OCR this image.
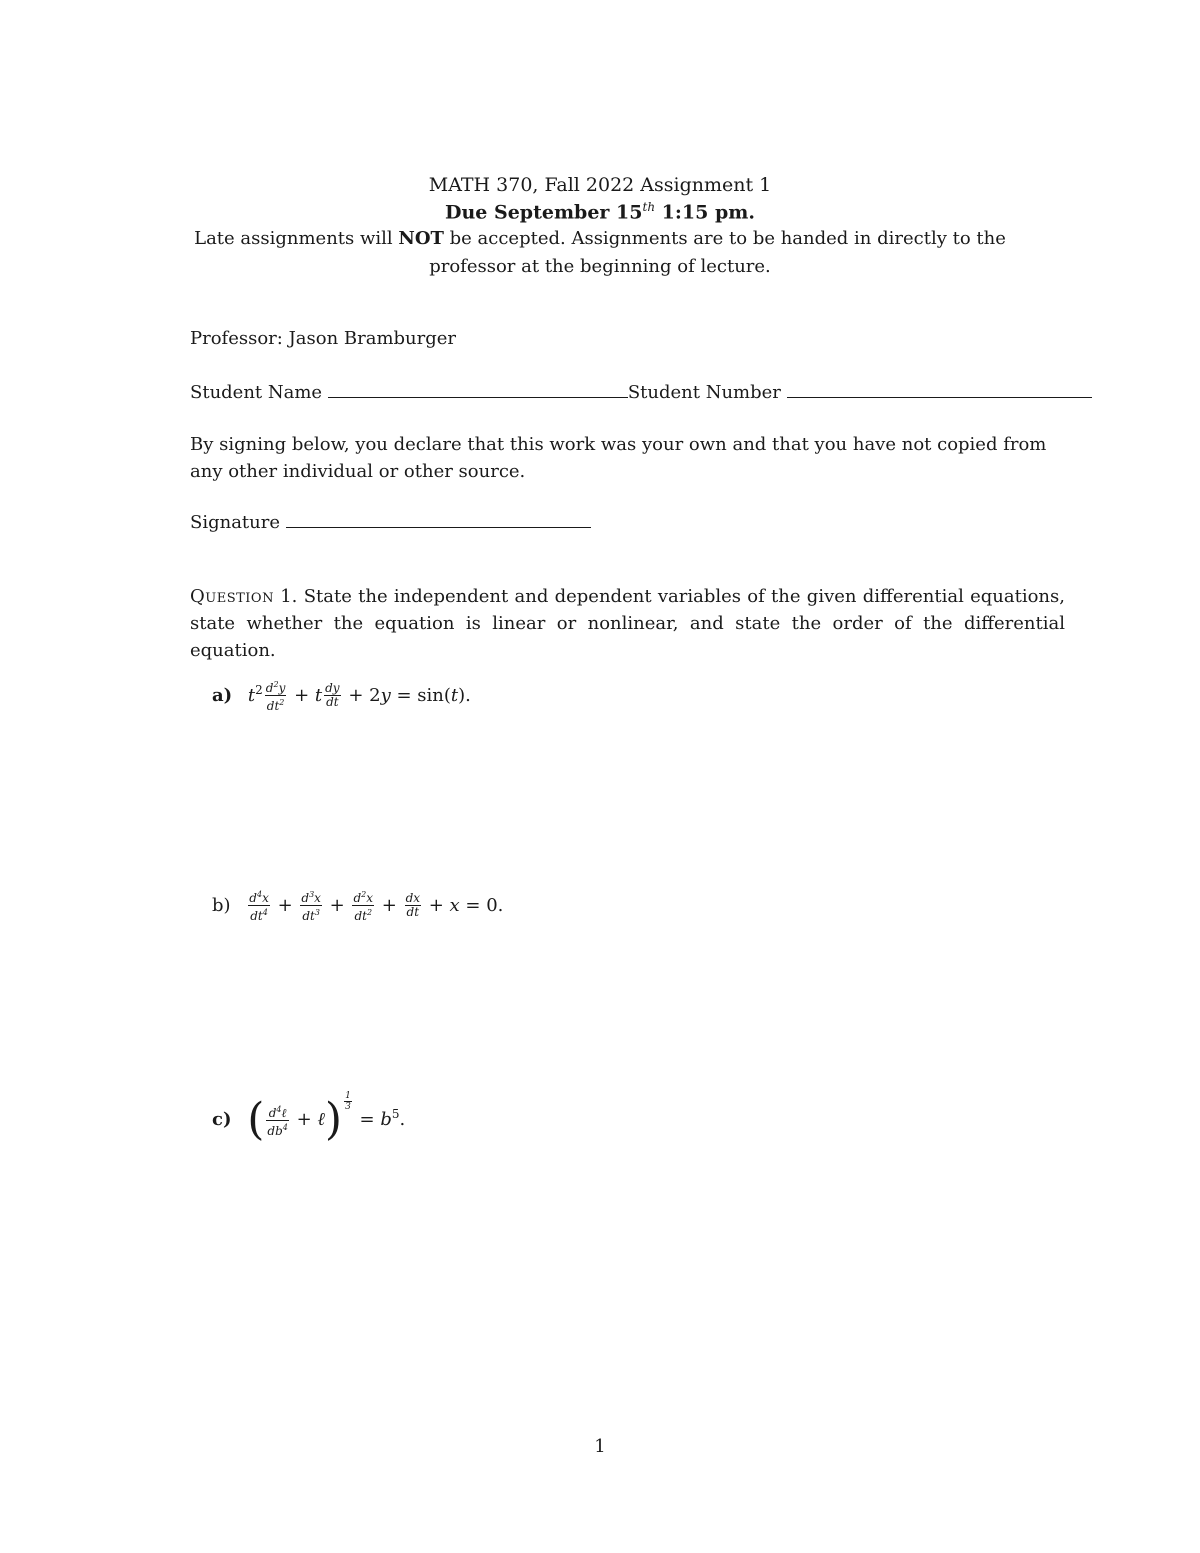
MATH 370, Fall 2022 Assignment 1
Due September 15th 1:15 pm.
Late assignments will NOT be accepted. Assignments are to be handed in directly to the
professor at the beginning of lecture.
Professor: Jason Bramburger
Student Name	Student Number
By signing below, you declare that this work was your own and that you have not copied from any other individual or other source.
Signature
Question 1. State the independent and dependent variables of the given differential equations, state whether the equation is linear or nonlinear, and state the order of the differential equation.
a) $t^2 \frac{d^2y}{dt^2} + t \frac{dy}{dt} + 2y = \sin(t)$.
$b) \frac{d^4x}{dt^4} + \frac{d^3x}{dt^3} + \frac{d^2x}{dt^2} + \frac{dx}{dt} + x = 0$.
c) ( $\frac{d^4\ell}{db^4}$ + ℓ) $^{\frac{1}{3}}$
= $b^5$.
1
